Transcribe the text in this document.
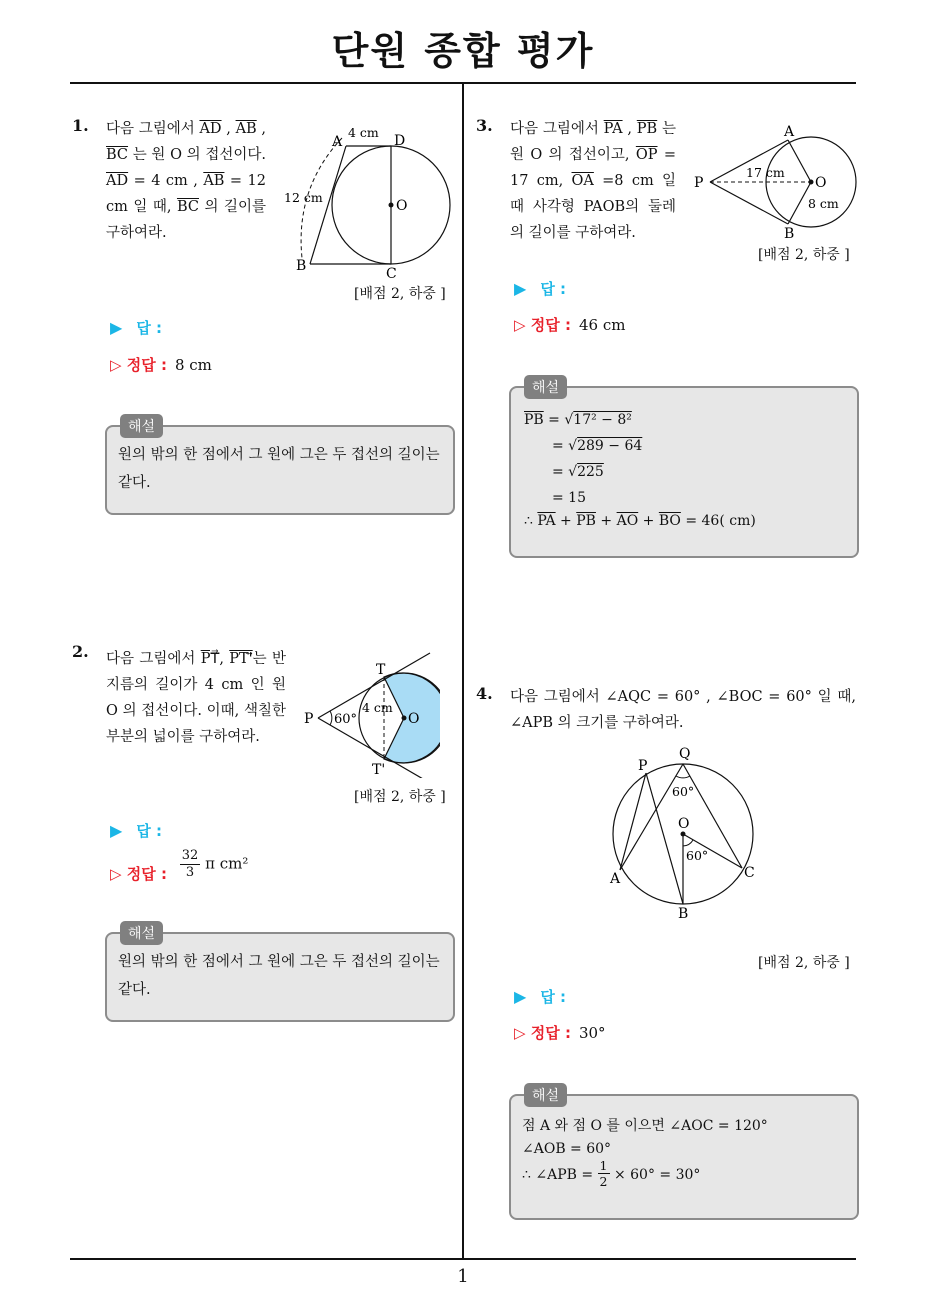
단원 종합 평가
1
1. 다음 그림에서 $\overline{AD}$ , $\overline{AB}$ , $\overline{BC}$ 는 원 O 의 접선이다. $\overline{AD} = 4$ cm , $\overline{AB} = 12$ cm 일 때, $\overline{BC}$ 의 길이를 구하여라.
A	D
O
B	C
4 cm
12 cm
[배점 2, 하중 ]
▶ 답 :
▷ 정답 : 8 cm
해설
원의 밖의 한 점에서 그 원에 그은 두 접선의 길이는 같다.
2. 다음 그림에서 $\overline{PT}⃗$, PT'⃗는 반지름의 길이가 4 cm 인 원 O 의 접선이다. 이때, 색칠한 부분의 넓이를 구하여라.
T
T'
P	O
60°
4 cm
[배점 2, 하중 ]
▶ 답 :
▷ 정답 : $\frac{32}{3}$ π cm²
해설
원의 밖의 한 점에서 그 원에 그은 두 접선의 길이는 같다.
3. 다음 그림에서 $\overline{PA}$ , $\overline{PB}$ 는 원 O 의 접선이고, $\overline{OP} = 17$ cm, $\overline{OA} =8$ cm 일 때 사각형 PAOB의 둘레의 길이를 구하여라.
A
B
P	O
17 cm
8 cm
[배점 2, 하중 ]
▶ 답 :
▷ 정답 : 46 cm
해설
$\overline{PB} = √17^2 - 8^2$
= √289 − 64
= √225
= 15
∴ $\overline{PA} + \overline{PB} + \overline{AO} + \overline{BO} = 46$( cm)
4. 다음 그림에서 ∠AQC = 60° , ∠BOC = 60° 일 때, ∠APB 의 크기를 구하여라.
P
Q
O
A
B
C
60°
60°
[배점 2, 하중 ]
▶ 답 :
▷ 정답 : 30°
해설
점 A 와 점 O 를 이으면 ∠AOC = 120°
∠AOB = 60°
∴ ∠APB = $\frac{1}{2} \times 60^\circ = 30^\circ$
